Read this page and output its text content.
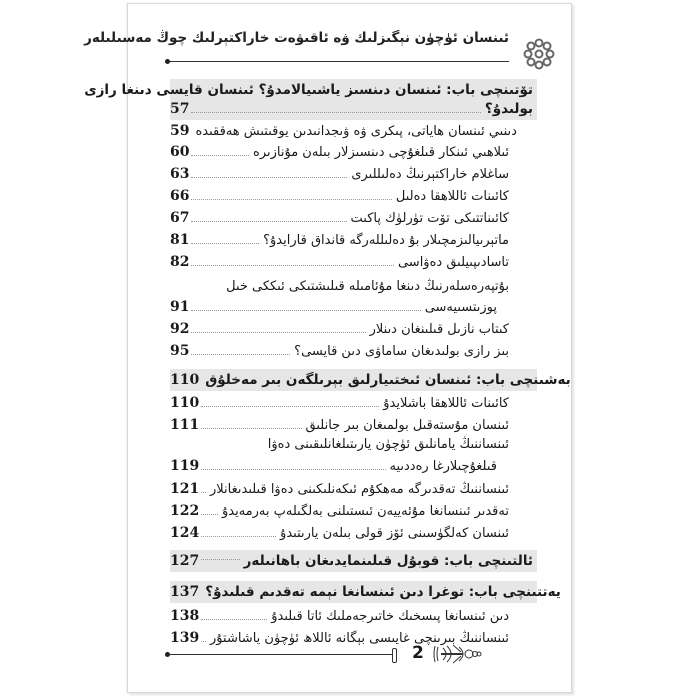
ئىنسان ئۈچۈن نېگىزلىك ۋە ئاقىۋەت خاراكتېرلىك چوڭ مەسىلىلەر
تۆتىنچى باب: ئىنسان دىنسىز ياشىيالامدۇ؟ ئىنسان قايسى دىنغا رازى
57	بولىدۇ؟
59 دىنىي ئىنسان هاياتى، پىكرى ۋە ۋىجدانىدىن يوقىتىش ھەققىدە
60	ئىلاهىي ئىنكار قىلغۇچى دىنسىزلار بىلەن مۇنازىرە
63	ساغلام خاراكتېرنىڭ دەلىللىرى
66	كائىنات ئاللاھقا دەلىل
67	كائىناتتىكى تۆت تۈرلۈك پاكىت
81	ماتېرىيالىزمچىلار بۇ دەلىللەرگە قانداق قارايدۇ؟
82	تاسادىپىيلىق دەۋاسى
بۇتپەرەسلەرنىڭ دىنغا مۇئامىلە قىلىشتىكى ئىككى خىل
91	پوزىتسىيەسى
92	كىتاب نازىل قىلىنغان دىنلار
95	بىز رازى بولىدىغان ساماۋى دىن قايسى؟
110 بەشىنچى باب: ئىنسان ئىختىيارلىق بېرىلگەن بىر مەخلۇق
110	كائىنات ئاللاھقا باشلايدۇ
111	ئىنسان مۇستەقىل بولمىغان بىر جانلىق
ئىنساننىڭ يامانلىق ئۈچۈن يارىتىلغانلىقىنى دەۋا
119	قىلغۇچىلارغا رەددىيە
121 ئىنساننىڭ تەقدىرگە مەھكۇم ئىكەنلىكىنى دەۋا قىلىدىغانلار
122 تەقدىر ئىنسانغا مۇئەييەن ئىستىلنى بەلگىلەپ بەرمەيدۇ
124	ئىنسان كەلگۈسىنى ئۆز قولى بىلەن يارىتىدۇ
127	ئالتىنچى باب: قوبۇل قىلىنمايدىغان باهانىلەر
137 يەتتىنچى باب: توغرا دىن ئىنسانغا نېمە تەقدىم قىلىدۇ؟
138	دىن ئىنسانغا پىسخىك خاتىرجەملىك ئاتا قىلىدۇ
139 ئىنساننىڭ بىرىنچى غايىسى بېگانە ئاللاھ ئۈچۈن ياشاشتۇر
2
